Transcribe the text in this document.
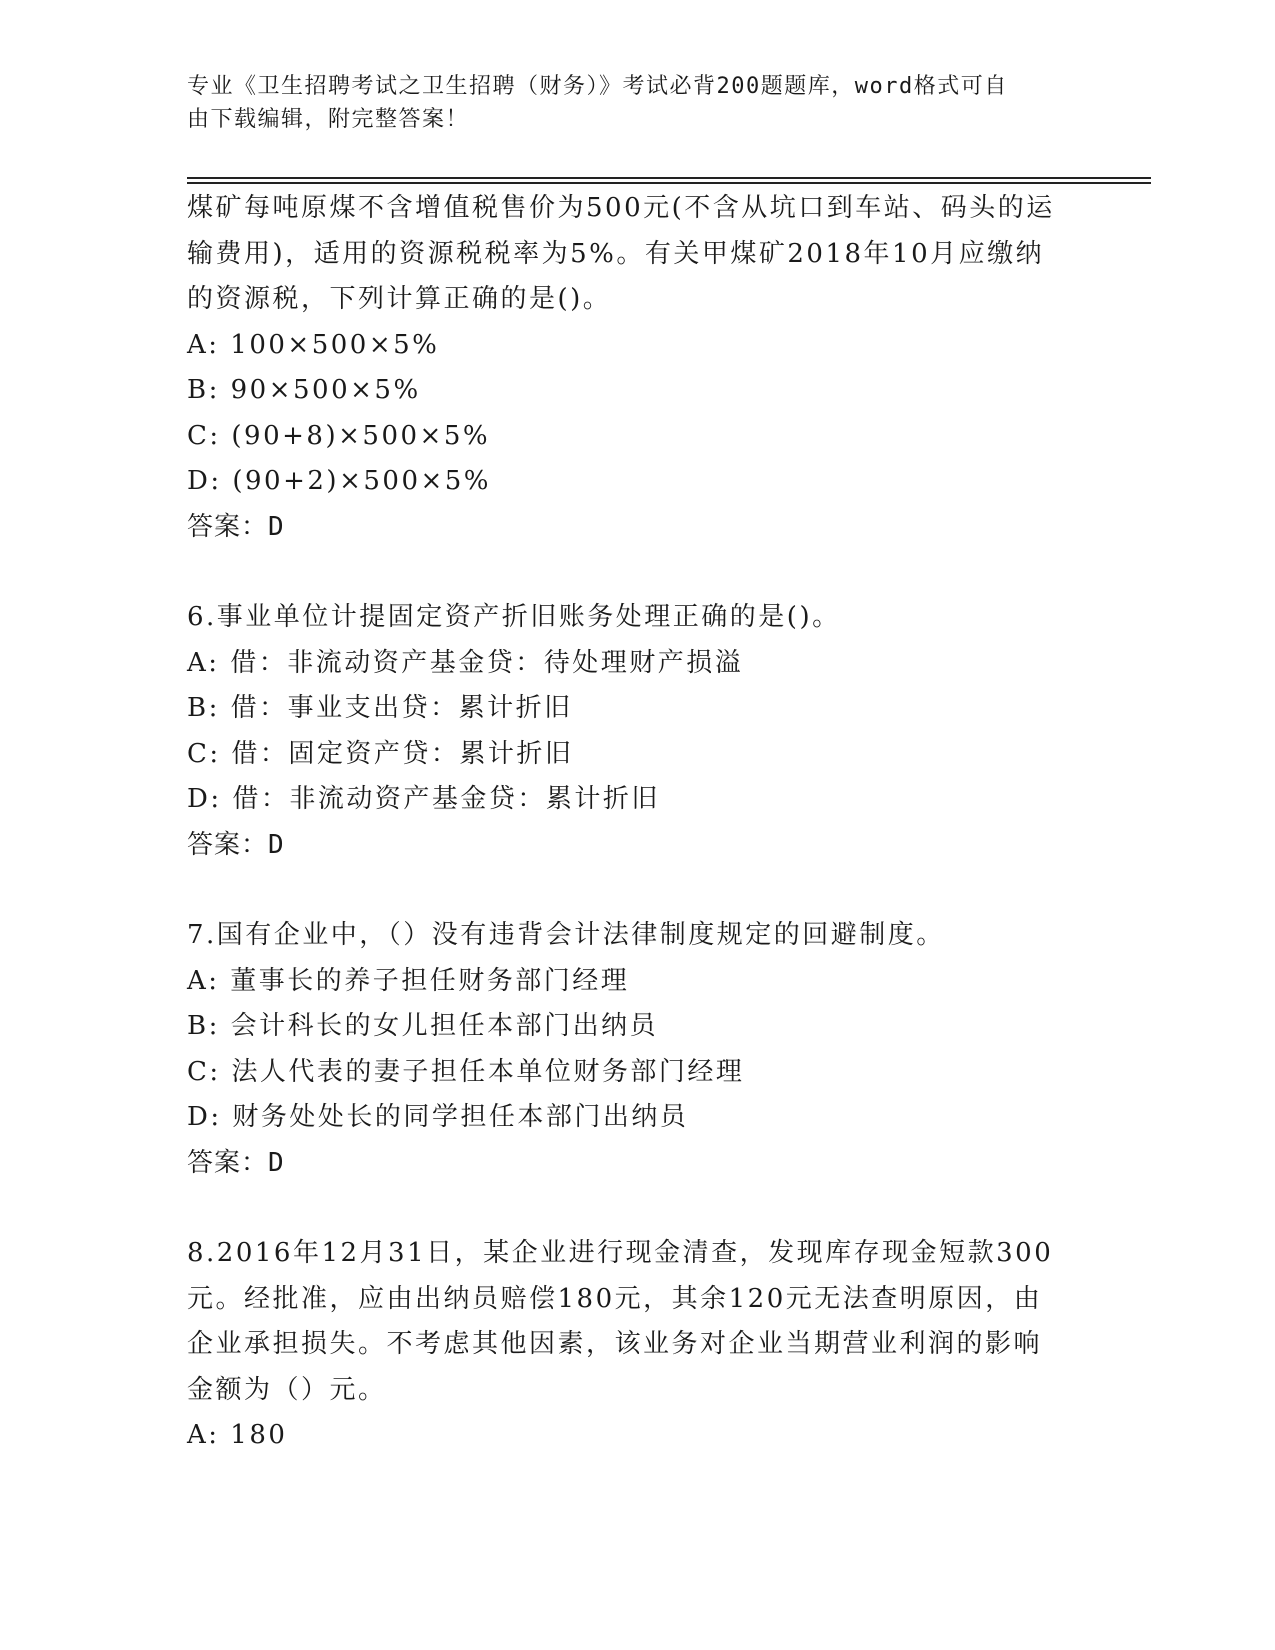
专业《卫生招聘考试之卫生招聘（财务）》考试必背200题题库，word格式可自
由下载编辑，附完整答案！
煤矿每吨原煤不含增值税售价为500元(不含从坑口到车站、码头的运
输费用)，适用的资源税税率为5%。有关甲煤矿2018年10月应缴纳
的资源税，下列计算正确的是()。
A: 100×500×5%
B: 90×500×5%
C: (90+8)×500×5%
D: (90+2)×500×5%
答案：D
6.事业单位计提固定资产折旧账务处理正确的是()。
A: 借：非流动资产基金贷：待处理财产损溢
B: 借：事业支出贷：累计折旧
C: 借：固定资产贷：累计折旧
D: 借：非流动资产基金贷：累计折旧
答案：D
7.国有企业中，（）没有违背会计法律制度规定的回避制度。
A: 董事长的养子担任财务部门经理
B: 会计科长的女儿担任本部门出纳员
C: 法人代表的妻子担任本单位财务部门经理
D: 财务处处长的同学担任本部门出纳员
答案：D
8.2016年12月31日，某企业进行现金清查，发现库存现金短款300
元。经批准，应由出纳员赔偿180元，其余120元无法查明原因，由
企业承担损失。不考虑其他因素，该业务对企业当期营业利润的影响
金额为（）元。
A: 180
